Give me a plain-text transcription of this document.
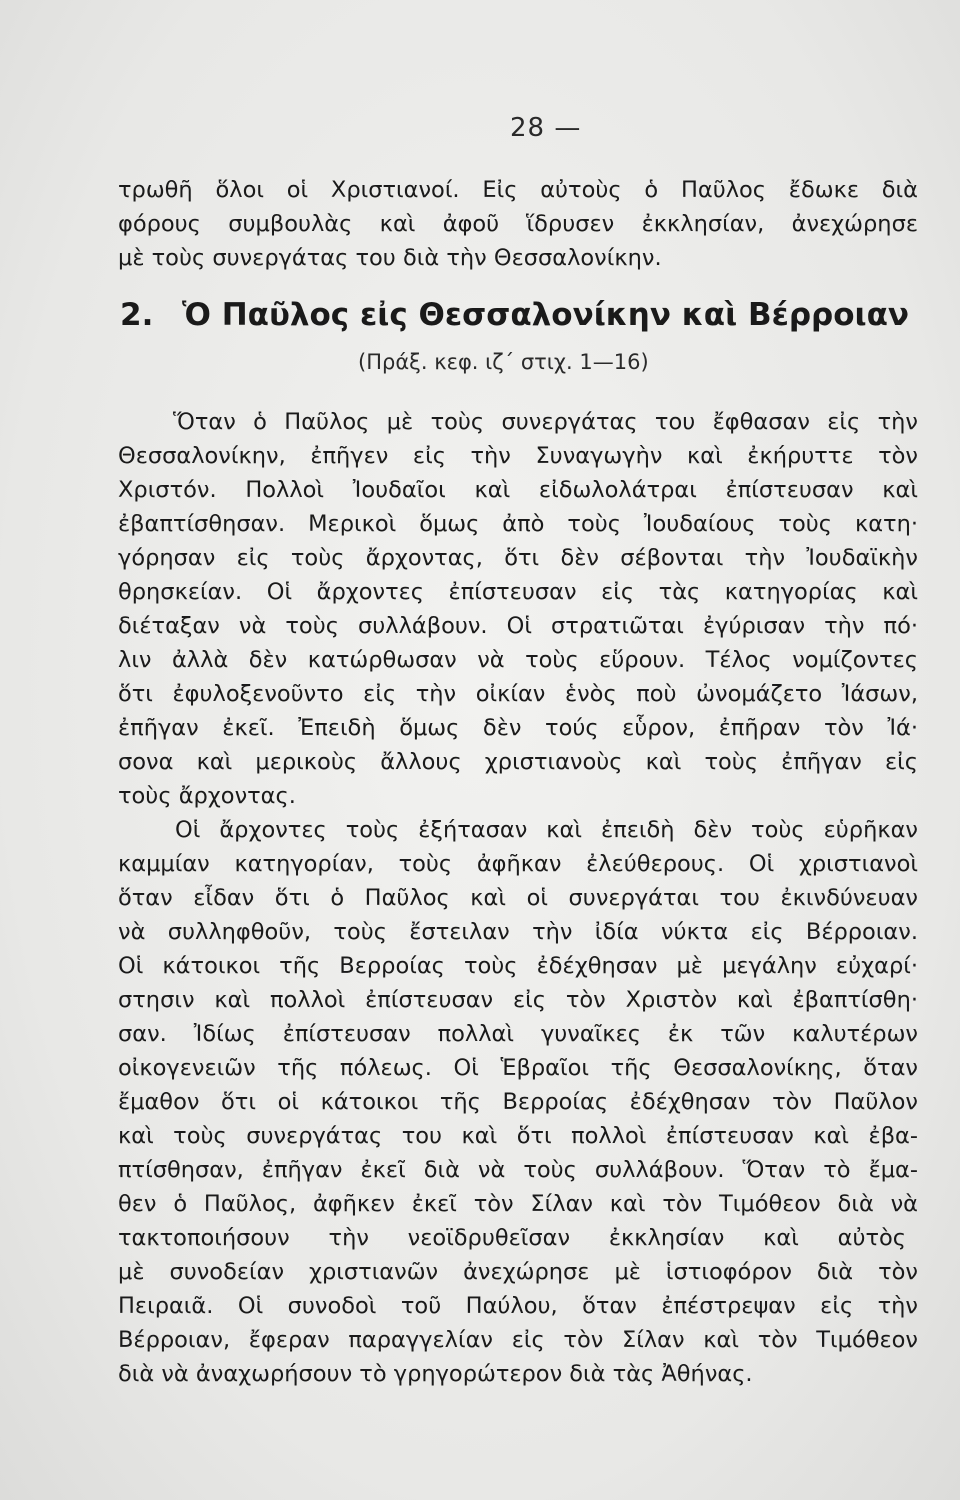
28 —
τρωθῆ ὅλοι οἱ Χριστιανοί. Εἰς αὐτοὺς ὁ Παῦλος ἔδωκε διὰ
φόρους συμβουλὰς καὶ ἀφοῦ ἵδρυσεν ἐκκλησίαν, ἀνεχώρησε
μὲ τοὺς συνεργάτας του διὰ τὴν Θεσσαλονίκην.
2. Ὁ Παῦλος εἰς Θεσσαλονίκην καὶ Βέρροιαν
(Πράξ. κεφ. ιζ΄ στιχ. 1—16)
Ὅταν ὁ Παῦλος μὲ τοὺς συνεργάτας του ἔφθασαν εἰς τὴν
Θεσσαλονίκην, ἐπῆγεν εἰς τὴν Συναγωγὴν καὶ ἐκήρυττε τὸν
Χριστόν. Πολλοὶ Ἰουδαῖοι καὶ εἰδωλολάτραι ἐπίστευσαν καὶ
ἐβαπτίσθησαν. Μερικοὶ ὅμως ἀπὸ τοὺς Ἰουδαίους τοὺς κατη·
γόρησαν εἰς τοὺς ἄρχοντας, ὅτι δὲν σέβονται τὴν Ἰουδαϊκὴν
θρησκείαν. Οἱ ἄρχοντες ἐπίστευσαν εἰς τὰς κατηγορίας καὶ
διέταξαν νὰ τοὺς συλλάβουν. Οἱ στρατιῶται ἐγύρισαν τὴν πό·
λιν ἀλλὰ δὲν κατώρθωσαν νὰ τοὺς εὕρουν. Τέλος νομίζοντες
ὅτι ἐφυλοξενοῦντο εἰς τὴν οἰκίαν ἑνὸς ποὺ ὠνομάζετο Ἰάσων,
ἐπῆγαν ἐκεῖ. Ἐπειδὴ ὅμως δὲν τούς εὗρον, ἐπῆραν τὸν Ἰά·
σονα καὶ μερικοὺς ἄλλους χριστιανοὺς καὶ τοὺς ἐπῆγαν εἰς
τοὺς ἄρχοντας.
Οἱ ἄρχοντες τοὺς ἐξήτασαν καὶ ἐπειδὴ δὲν τοὺς εὑρῆκαν
καμμίαν κατηγορίαν, τοὺς ἀφῆκαν ἐλεύθερους. Οἱ χριστιανοὶ
ὅταν εἶδαν ὅτι ὁ Παῦλος καὶ οἱ συνεργάται του ἐκινδύνευαν
νὰ συλληφθοῦν, τοὺς ἔστειλαν τὴν ἰδία νύκτα εἰς Βέρροιαν.
Οἱ κάτοικοι τῆς Βερροίας τοὺς ἐδέχθησαν μὲ μεγάλην εὐχαρί·
στησιν καὶ πολλοὶ ἐπίστευσαν εἰς τὸν Χριστὸν καὶ ἐβαπτίσθη·
σαν. Ἰδίως ἐπίστευσαν πολλαὶ γυναῖκες ἐκ τῶν καλυτέρων
οἰκογενειῶν τῆς πόλεως. Οἱ Ἑβραῖοι τῆς Θεσσαλονίκης, ὅταν
ἔμαθον ὅτι οἱ κάτοικοι τῆς Βερροίας ἐδέχθησαν τὸν Παῦλον
καὶ τοὺς συνεργάτας του καὶ ὅτι πολλοὶ ἐπίστευσαν καὶ ἐβα-
πτίσθησαν, ἐπῆγαν ἐκεῖ διὰ νὰ τοὺς συλλάβουν. Ὅταν τὸ ἔμα-
θεν ὁ Παῦλος, ἀφῆκεν ἐκεῖ τὸν Σίλαν καὶ τὸν Τιμόθεον διὰ νὰ
τακτοποιήσουν τὴν νεοϊδρυθεῖσαν ἐκκλησίαν καὶ αὐτὸς
μὲ συνοδείαν χριστιανῶν ἀνεχώρησε μὲ ἱστιοφόρον διὰ τὸν
Πειραιᾶ. Οἱ συνοδοὶ τοῦ Παύλου, ὅταν ἐπέστρεψαν εἰς τὴν
Βέρροιαν, ἔφεραν παραγγελίαν εἰς τὸν Σίλαν καὶ τὸν Τιμόθεον
διὰ νὰ ἀναχωρήσουν τὸ γρηγορώτερον διὰ τὰς Ἀθήνας.
